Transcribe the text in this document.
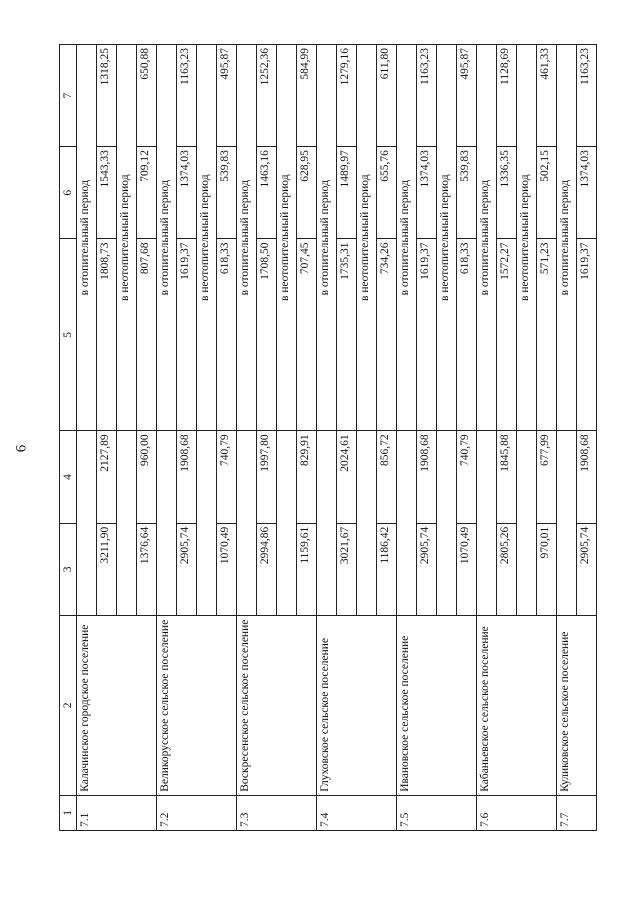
6
1	2	3	4	5	6	7
7.1	Калачинское городское поселение			в отопительный период		
		3211,90	2127,89	1808,73	1543,33	1318,25
				в неотопительный период		
		1376,64	960,00	807,68	709,12	650,88
7.2	Великорусское сельское поселение			в отопительный период		
		2905,74	1908,68	1619,37	1374,03	1163,23
				в неотопительный период		
		1070,49	740,79	618,33	539,83	495,87
7.3	Воскресенское сельское поселение			в отопительный период		
		2994,86	1997,80	1708,50	1463,16	1252,36
				в неотопительный период		
		1159,61	829,91	707,45	628,95	584,99
7.4	Глуховское сельское поселение			в отопительный период		
		3021,67	2024,61	1735,31	1489,97	1279,16
				в неотопительный период		
		1186,42	856,72	734,26	655,76	611,80
7.5	Ивановское сельское поселение			в отопительный период		
		2905,74	1908,68	1619,37	1374,03	1163,23
				в неотопительный период		
		1070,49	740,79	618,33	539,83	495,87
7.6	Кабаньевское сельское поселение			в отопительный период		
		2805,26	1845,88	1572,27	1336,35	1128,69
				в неотопительный период		
		970,01	677,99	571,23	502,15	461,33
7.7	Куликовское сельское поселение			в отопительный период		
		2905,74	1908,68	1619,37	1374,03	1163,23
